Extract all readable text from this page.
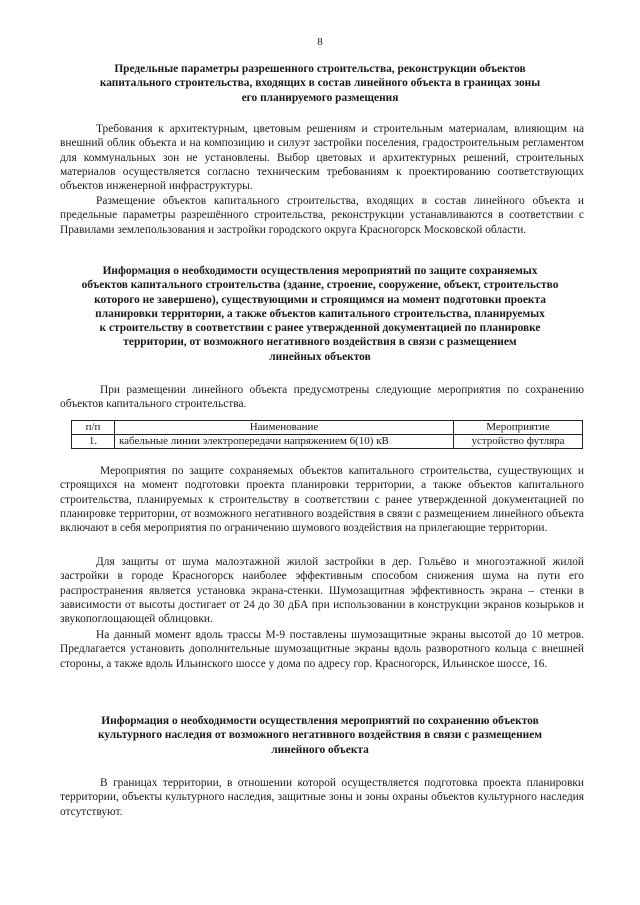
8
Предельные параметры разрешенного строительства, реконструкции объектов
капитального строительства, входящих в состав линейного объекта в границах зоны
его планируемого размещения
Требования к архитектурным, цветовым решениям и строительным материалам, влияющим на внешний облик объекта и на композицию и силуэт застройки поселения, градостроительным регламентом для коммунальных зон не установлены. Выбор цветовых и архитектурных решений, строительных материалов осуществляется согласно техническим требованиям к проектированию соответствующих объектов инженерной инфраструктуры.
Размещение объектов капитального строительства, входящих в состав линейного объекта и предельные параметры разрешённого строительства, реконструкции устанавливаются в соответствии с Правилами землепользования и застройки городского округа Красногорск Московской области.
Информация о необходимости осуществления мероприятий по защите сохраняемых
объектов капитального строительства (здание, строение, сооружение, объект, строительство
которого не завершено), существующими и строящимся на момент подготовки проекта
планировки территории, а также объектов капитального строительства, планируемых
к строительству в соответствии с ранее утвержденной документацией по планировке
территории, от возможного негативного воздействия в связи с размещением
линейных объектов
При размещении линейного объекта предусмотрены следующие мероприятия по сохранению объектов капитального строительства.
п/п	Наименование	Мероприятие
1.	кабельные линии электропередачи напряжением 6(10) кВ	устройство футляра
Мероприятия по защите сохраняемых объектов капитального строительства, существующих и строящихся на момент подготовки проекта планировки территории, а также объектов капитального строительства, планируемых к строительству в соответствии с ранее утвержденной документацией по планировке территории, от возможного негативного воздействия в связи с размещением линейного объекта включают в себя мероприятия по ограничению шумового воздействия на прилегающие территории.
Для защиты от шума малоэтажной жилой застройки в дер. Гольёво и многоэтажной жилой застройки в городе Красногорск наиболее эффективным способом снижения шума на пути его распространения является установка экрана-стенки. Шумозащитная эффективность экрана – стенки в зависимости от высоты достигает от 24 до 30 дБА при использовании в конструкции экранов козырьков и звукопоглощающей облицовки.
На данный момент вдоль трассы М-9 поставлены шумозащитные экраны высотой до 10 метров. Предлагается установить дополнительные шумозащитные экраны вдоль разворотного кольца с внешней стороны, а также вдоль Ильинского шоссе у дома по адресу гор. Красногорск, Ильинское шоссе, 16.
Информация о необходимости осуществления мероприятий по сохранению объектов
культурного наследия от возможного негативного воздействия в связи с размещением
линейного объекта
В границах территории, в отношении которой осуществляется подготовка проекта планировки территории, объекты культурного наследия, защитные зоны и зоны охраны объектов культурного наследия отсутствуют.
